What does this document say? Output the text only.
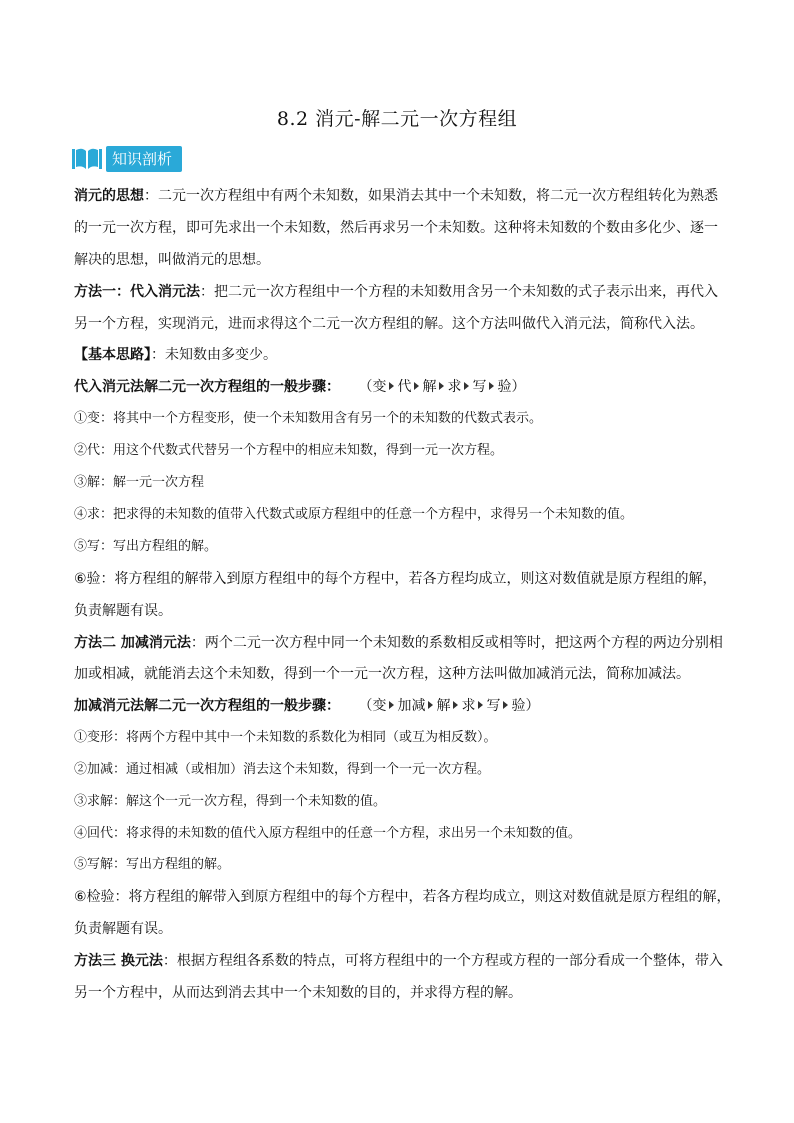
8.2 消元-解二元一次方程组
知识剖析
消元的思想：二元一次方程组中有两个未知数，如果消去其中一个未知数，将二元一次方程组转化为熟悉
的一元一次方程，即可先求出一个未知数，然后再求另一个未知数。这种将未知数的个数由多化少、逐一
解决的思想，叫做消元的思想。
方法一：代入消元法：把二元一次方程组中一个方程的未知数用含另一个未知数的式子表示出来，再代入
另一个方程，实现消元，进而求得这个二元一次方程组的解。这个方法叫做代入消元法，简称代入法。
【基本思路】：未知数由多变少。
代入消元法解二元一次方程组的一般步骤： （变 代 解 求 写 验）
①变：将其中一个方程变形，使一个未知数用含有另一个的未知数的代数式表示。
②代：用这个代数式代替另一个方程中的相应未知数，得到一元一次方程。
③解：解一元一次方程
④求：把求得的未知数的值带入代数式或原方程组中的任意一个方程中，求得另一个未知数的值。
⑤写：写出方程组的解。
⑥验：将方程组的解带入到原方程组中的每个方程中，若各方程均成立，则这对数值就是原方程组的解，
负责解题有误。
方法二 加减消元法：两个二元一次方程中同一个未知数的系数相反或相等时，把这两个方程的两边分别相
加或相减，就能消去这个未知数，得到一个一元一次方程，这种方法叫做加减消元法，简称加减法。
加减消元法解二元一次方程组的一般步骤： （变 加减 解 求 写 验）
①变形：将两个方程中其中一个未知数的系数化为相同（或互为相反数）。
②加减：通过相减（或相加）消去这个未知数，得到一个一元一次方程。
③求解：解这个一元一次方程，得到一个未知数的值。
④回代：将求得的未知数的值代入原方程组中的任意一个方程，求出另一个未知数的值。
⑤写解：写出方程组的解。
⑥检验：将方程组的解带入到原方程组中的每个方程中，若各方程均成立，则这对数值就是原方程组的解，
负责解题有误。
方法三 换元法：根据方程组各系数的特点，可将方程组中的一个方程或方程的一部分看成一个整体，带入
另一个方程中，从而达到消去其中一个未知数的目的，并求得方程的解。
